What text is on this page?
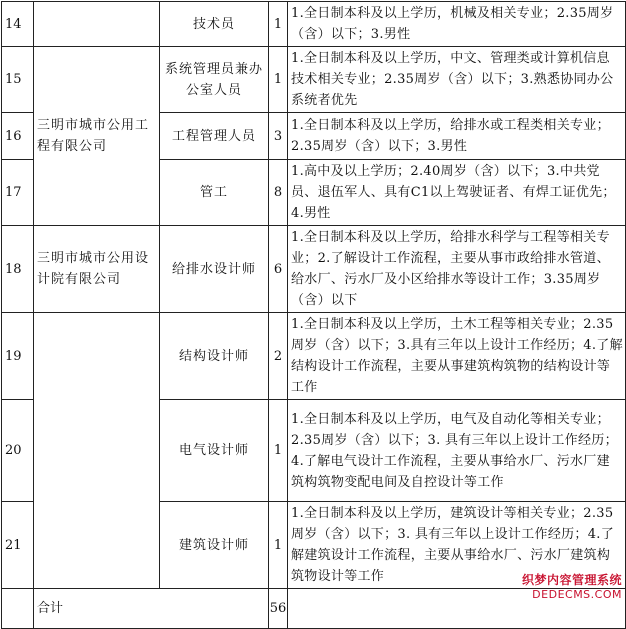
14		技术员	1	1.全日制本科及以上学历，机械及相关专业；2.35周岁（含）以下；3.男性
15	三明市城市公用工程有限公司	系统管理员兼办公室人员	1	1.全日制本科及以上学历，中文、管理类或计算机信息技术相关专业；2.35周岁（含）以下；3.熟悉协同办公系统者优先
16		工程管理人员	3	1.全日制本科及以上学历，给排水或工程类相关专业；2.35周岁（含）以下；3.男性
17		管工	8	1.高中及以上学历；2.40周岁（含）以下；3.中共党员、退伍军人、具有C1以上驾驶证者、有焊工证优先；4.男性
18	三明市城市公用设计院有限公司	给排水设计师	6	1.全日制本科及以上学历，给排水科学与工程等相关专业；2.了解设计工作流程，主要从事市政给排水管道、给水厂、污水厂及小区给排水等设计工作；3.35周岁（含）以下
19		结构设计师	2	1.全日制本科及以上学历，土木工程等相关专业；2.35周岁（含）以下；3.具有三年以上设计工作经历；4.了解结构设计工作流程，主要从事建筑构筑物的结构设计等工作
20		电气设计师	1	1.全日制本科及以上学历，电气及自动化等相关专业；2.35周岁（含）以下；3. 具有三年以上设计工作经历；4.了解电气设计工作流程，主要从事给水厂、污水厂建筑构筑物变配电间及自控设计等工作
21		建筑设计师	1	1.全日制本科及以上学历，建筑设计等相关专业；2.35周岁（含）以下；3. 具有三年以上设计工作经历；4.了解建筑设计工作流程，主要从事给水厂、污水厂建筑构筑物设计等工作
	合计		56	
织梦内容管理系统
DEDECMS.COM
